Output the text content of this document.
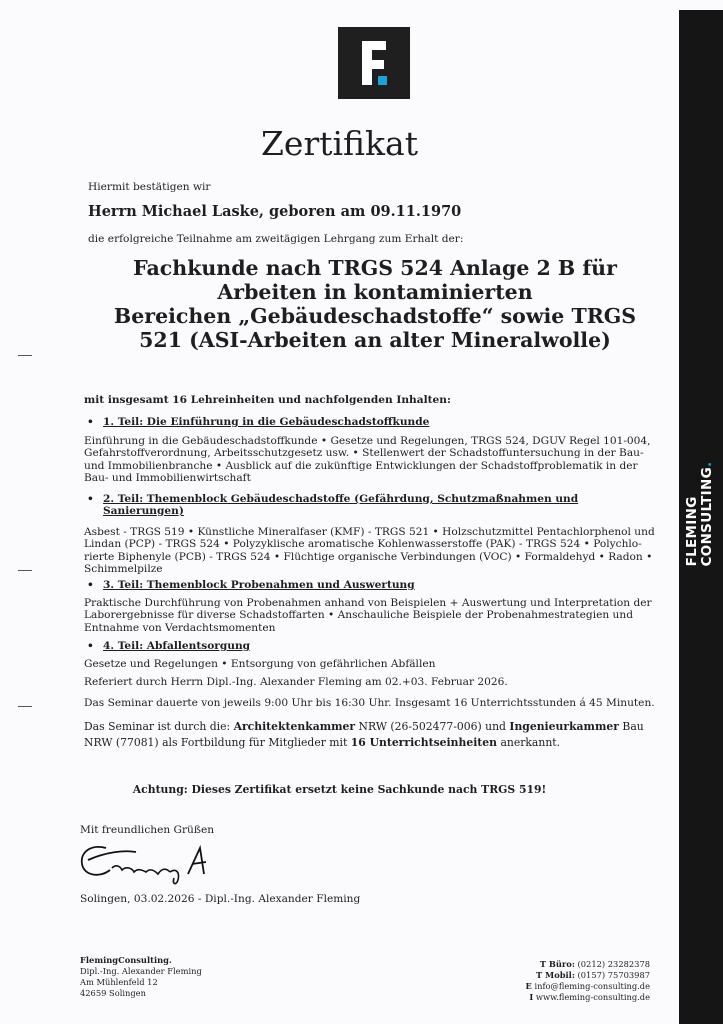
FLEMING CONSULTING.
Zertifikat
Hiermit bestätigen wir
Herrn Michael Laske, geboren am 09.11.1970
die erfolgreiche Teilnahme am zweitägigen Lehrgang zum Erhalt der:
Fachkunde nach TRGS 524 Anlage 2 B für
Arbeiten in kontaminierten
Bereichen „Gebäudeschadstoffe“ sowie TRGS
521 (ASI-Arbeiten an alter Mineralwolle)
mit insgesamt 16 Lehreinheiten und nachfolgenden Inhalten:
• 1. Teil: Die Einführung in die Gebäudeschadstoffkunde

Einführung in die Gebäudeschadstoffkunde • Gesetze und Regelungen, TRGS 524, DGUV Regel 101-004,

Gefahrstoffverordnung, Arbeitsschutzgesetz usw. • Stellenwert der Schadstoffuntersuchung in der Bau-

und Immobilienbranche • Ausblick auf die zukünftige Entwicklungen der Schadstoffproblematik in der

Bau- und Immobilienwirtschaft

• 2. Teil: Themenblock Gebäudeschadstoffe (Gefährdung, Schutzmaßnahmen und
Sanierungen)

Asbest - TRGS 519 • Künstliche Mineralfaser (KMF) - TRGS 521 • Holzschutzmittel Pentachlorphenol und

Lindan (PCP) - TRGS 524 • Polyzyklische aromatische Kohlenwasserstoffe (PAK) - TRGS 524 • Polychlo-

rierte Biphenyle (PCB) - TRGS 524 • Flüchtige organische Verbindungen (VOC) • Formaldehyd • Radon •

Schimmelpilze

• 3. Teil: Themenblock Probenahmen und Auswertung

Praktische Durchführung von Probenahmen anhand von Beispielen + Auswertung und Interpretation der

Laborergebnisse für diverse Schadstoffarten • Anschauliche Beispiele der Probenahmestrategien und

Entnahme von Verdachtsmomenten

• 4. Teil: Abfallentsorgung

Gesetze und Regelungen • Entsorgung von gefährlichen Abfällen

Referiert durch Herrn Dipl.-Ing. Alexander Fleming am 02.+03. Februar 2026.

Das Seminar dauerte von jeweils 9:00 Uhr bis 16:30 Uhr. Insgesamt 16 Unterrichtsstunden á 45 Minuten.

Das Seminar ist durch die: Architektenkammer NRW (26-502477-006) und Ingenieurkammer Bau

NRW (77081) als Fortbildung für Mitglieder mit 16 Unterrichtseinheiten anerkannt.

Achtung: Dieses Zertifikat ersetzt keine Sachkunde nach TRGS 519!
Mit freundlichen Grüßen
Solingen, 03.02.2026 - Dipl.-Ing. Alexander Fleming
FlemingConsulting.
Dipl.-Ing. Alexander Fleming
Am Mühlenfeld 12
42659 Solingen
T Büro: (0212) 23282378
T Mobil: (0157) 75703987
E info@fleming-consulting.de
I www.fleming-consulting.de
